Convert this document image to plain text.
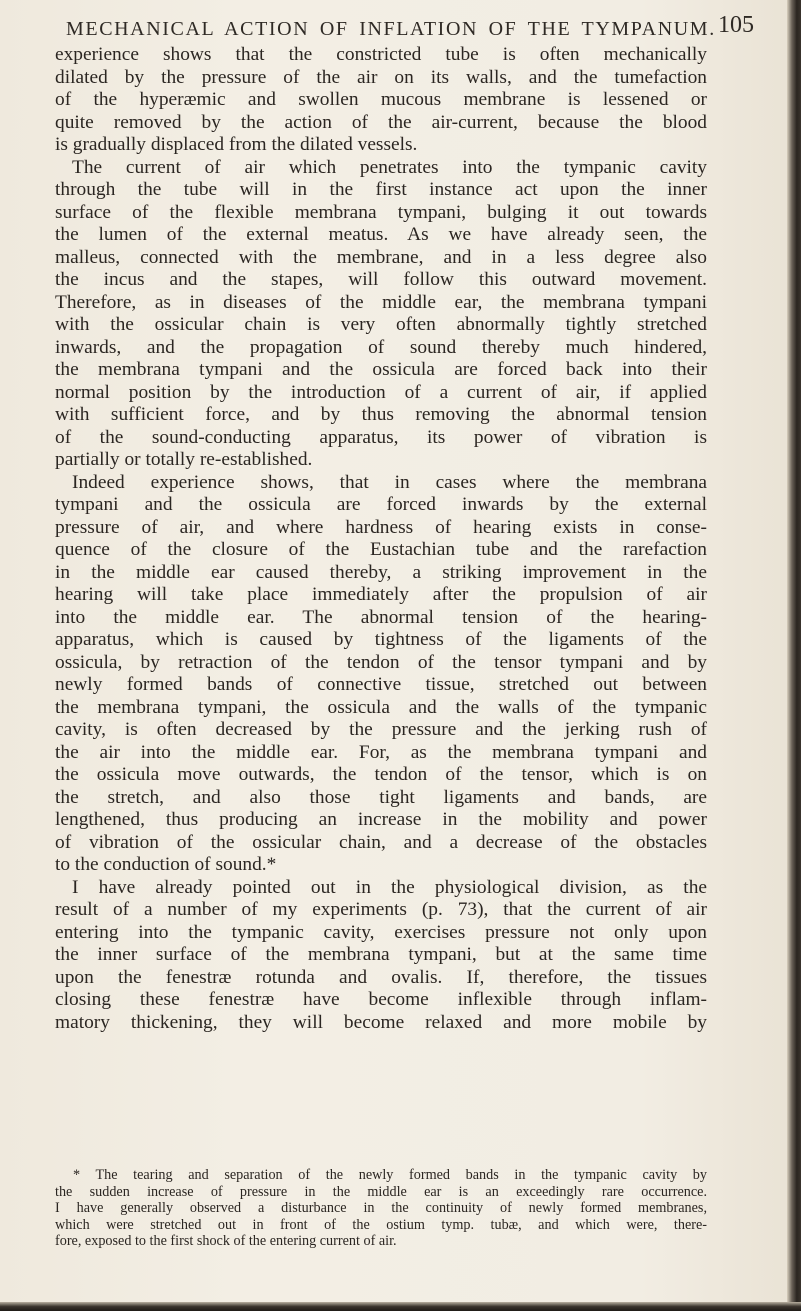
MECHANICAL ACTION OF INFLATION OF THE TYMPANUM. 105
experience shows that the constricted tube is often mechanically
dilated by the pressure of the air on its walls, and the tumefaction
of the hyperæmic and swollen mucous membrane is lessened or
quite removed by the action of the air-current, because the blood
is gradually displaced from the dilated vessels.
The current of air which penetrates into the tympanic cavity
through the tube will in the first instance act upon the inner
surface of the flexible membrana tympani, bulging it out towards
the lumen of the external meatus. As we have already seen, the
malleus, connected with the membrane, and in a less degree also
the incus and the stapes, will follow this outward movement.
Therefore, as in diseases of the middle ear, the membrana tympani
with the ossicular chain is very often abnormally tightly stretched
inwards, and the propagation of sound thereby much hindered,
the membrana tympani and the ossicula are forced back into their
normal position by the introduction of a current of air, if applied
with sufficient force, and by thus removing the abnormal tension
of the sound-conducting apparatus, its power of vibration is
partially or totally re-established.
Indeed experience shows, that in cases where the membrana
tympani and the ossicula are forced inwards by the external
pressure of air, and where hardness of hearing exists in conse-
quence of the closure of the Eustachian tube and the rarefaction
in the middle ear caused thereby, a striking improvement in the
hearing will take place immediately after the propulsion of air
into the middle ear. The abnormal tension of the hearing-
apparatus, which is caused by tightness of the ligaments of the
ossicula, by retraction of the tendon of the tensor tympani and by
newly formed bands of connective tissue, stretched out between
the membrana tympani, the ossicula and the walls of the tympanic
cavity, is often decreased by the pressure and the jerking rush of
the air into the middle ear. For, as the membrana tympani and
the ossicula move outwards, the tendon of the tensor, which is on
the stretch, and also those tight ligaments and bands, are
lengthened, thus producing an increase in the mobility and power
of vibration of the ossicular chain, and a decrease of the obstacles
to the conduction of sound.*
I have already pointed out in the physiological division, as the
result of a number of my experiments (p. 73), that the current of air
entering into the tympanic cavity, exercises pressure not only upon
the inner surface of the membrana tympani, but at the same time
upon the fenestræ rotunda and ovalis. If, therefore, the tissues
closing these fenestræ have become inflexible through inflam-
matory thickening, they will become relaxed and more mobile by
* The tearing and separation of the newly formed bands in the tympanic cavity by
the sudden increase of pressure in the middle ear is an exceedingly rare occurrence.
I have generally observed a disturbance in the continuity of newly formed membranes,
which were stretched out in front of the ostium tymp. tubæ, and which were, there-
fore, exposed to the first shock of the entering current of air.
